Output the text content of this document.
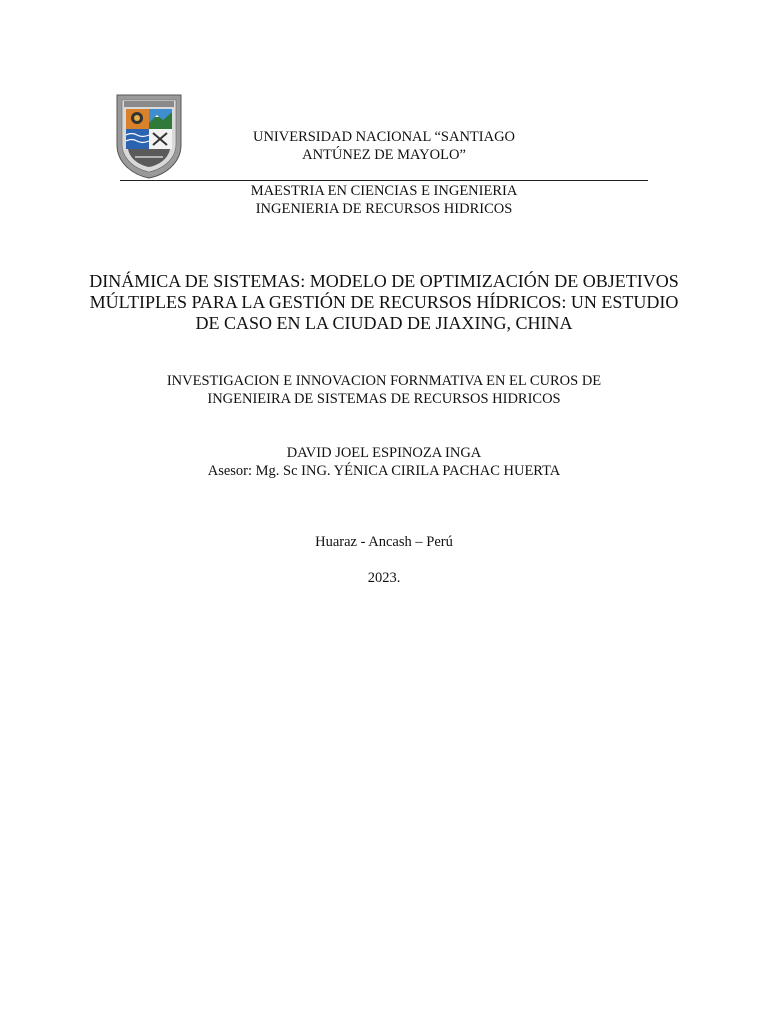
UNIVERSIDAD NACIONAL “SANTIAGO
ANTÚNEZ DE MAYOLO”
MAESTRIA EN CIENCIAS E INGENIERIA
INGENIERIA DE RECURSOS HIDRICOS
DINÁMICA DE SISTEMAS: MODELO DE OPTIMIZACIÓN DE OBJETIVOS
MÚLTIPLES PARA LA GESTIÓN DE RECURSOS HÍDRICOS: UN ESTUDIO
DE CASO EN LA CIUDAD DE JIAXING, CHINA
INVESTIGACION E INNOVACION FORNMATIVA EN EL CUROS DE
INGENIEIRA DE SISTEMAS DE RECURSOS HIDRICOS
DAVID JOEL ESPINOZA INGA
Asesor: Mg. Sc ING. YÉNICA CIRILA PACHAC HUERTA
Huaraz - Ancash – Perú
2023.
